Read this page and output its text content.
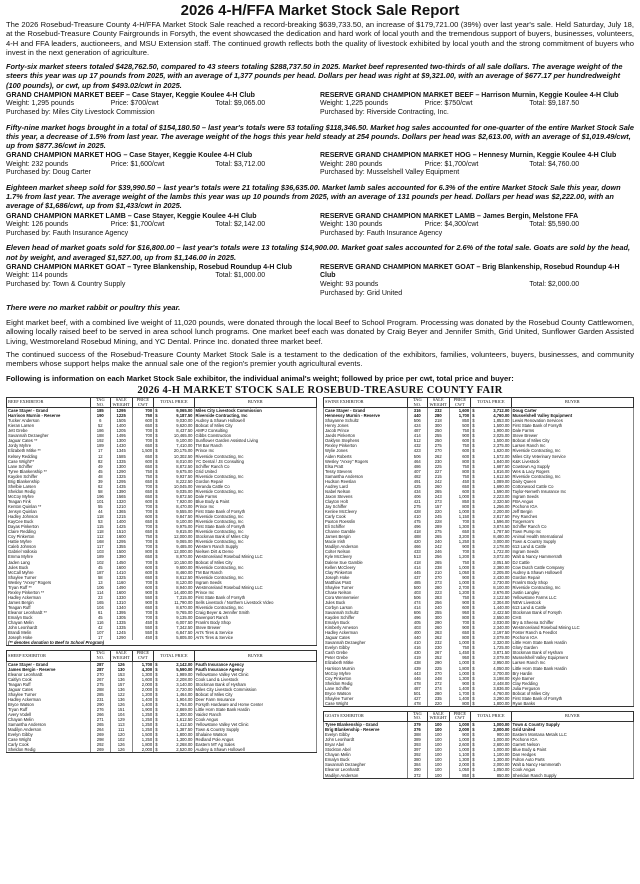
2026 4-H/FFA Market Stock Sale Report

The 2026 Rosebud-Treasure County 4-H/FFA Market Stock Sale reached a record-breaking $639,733.50, an increase of $179,721.00 (39%) over last year's sale. Held Saturday, July 18, at the Rosebud-Treasure County Fairgrounds in Forsyth, the event showcased the dedication and hard work of local youth and the tremendous support of buyers, businesses, volunteers, 4-H and FFA leaders, auctioneers, and MSU Extension staff. The continued growth reflects both the quality of livestock exhibited by local youth and the strong commitment of buyers who invest in the next generation of agriculture.

Forty-six market steers totaled $428,762.50, compared to 43 steers totaling $288,737.50 in 2025. Market beef represented two-thirds of all sale dollars. The average weight of the steers this year was up 17 pounds from 2025, with an average of 1,377 pounds per head. Dollars per head was right at $9,321.00, with an average of $677.17 per hundredweight (100 pounds), or cwt, up from $493.02/cwt in 2025.

GRAND CHAMPION MARKET BEEF – Case Stayer, Keggie Koulee 4-H Club
Weight: 1,295 pounds	Price: $700/cwt	Total: $9,065.00
Purchased by: Miles City Livestock Commission
RESERVE GRAND CHAMPION MARKET BEEF – Harrison Murnin, Keggie Koulee 4-H Club
Weight: 1,225 pounds	Price: $750/cwt	Total: $9,187.50
Purchased by: Riverside Contracting, Inc.

Fifty-nine market hogs brought in a total of $154,180.50 – last year's totals were 53 totaling $118,346.50. Market hog sales accounted for one-quarter of the entire Market Stock Sale this year, a decrease of 1.5% from last year. The average weight of the hogs this year held steady at 254 pounds. Dollars per head was $2,613.00, with an average of $1,019.49/cwt, up from $877.36/cwt in 2025.

GRAND CHAMPION MARKET HOG – Case Stayer, Keggie Koulee 4-H Club
Weight: 232 pounds	Price: $1,600/cwt	Total: $3,712.00
Purchased by: Doug Carter
RESERVE GRAND CHAMPION MARKET HOG – Hennesy Murnin, Keggie Koulee 4-H Club
Weight: 280 pounds	Price: $1,700/cwt	Total: $4,760.00
Purchased by: Musselshell Valley Equipment

Eighteen market sheep sold for $39,990.50 – last year's totals were 21 totaling $36,635.00. Market lamb sales accounted for 6.3% of the entire Market Stock Sale this year, down 1.7% from last year. The average weight of the lambs this year was up 10 pounds from 2025, with an average of 131 pounds per head. Dollars per head was $2,222.00, with an average of $1,686/cwt, up from $1,433/cwt in 2025.

GRAND CHAMPION MARKET LAMB – Case Stayer, Keggie Koulee 4-H Club
Weight: 126 pounds	Price: $1,700/cwt	Total: $2,142.00
Purchased by: Fauth Insurance Agency
RESERVE GRAND CHAMPION MARKET LAMB – James Bergin, Melstone FFA
Weight: 130 pounds	Price: $4,300/cwt	Total: $5,590.00
Purchased by: Fauth Insurance Agency

Eleven head of market goats sold for $16,800.00 – last year's totals were 13 totaling $14,900.00. Market goat sales accounted for 2.6% of the total sale. Goats are sold by the head, not by weight, and averaged $1,527.00, up from $1,146.00 in 2025.

GRAND CHAMPION MARKET GOAT – Tyree Blankenship, Rosebud Roundup 4-H Club
Weight: 114 pounds	Total: $1,000.00
Purchased by: Town & Country Supply
RESERVE GRAND CHAMPION MARKET GOAT – Brig Blankenship, Rosebud Roundup 4-H Club
Weight: 93 pounds	Total: $2,000.00
Purchased by: Grid United

There were no market rabbit or poultry this year.

Eight market beef, with a combined live weight of 11,020 pounds, were donated through the local Beef to School Program. Processing was donated by the Rosebud County Cattlewomen, allowing locally raised beef to be served in area school lunch programs. One market beef each was donated by Craig Beyer and Jennifer Smith, Grid United, Sunflower Garden Assisted Living, Westmoreland Rosebud Mining, and YC Dental. Prince Inc. donated three market beef.

The continued success of the Rosebud-Treasure County Market Stock Sale is a testament to the dedication of the exhibitors, families, volunteers, buyers, businesses, and community members whose support helps make the annual sale one of the region's premier youth agricultural events.

Following is information on each Market Stock Sale exhibitor, the individual animal's weight; followed by price per cwt, total price and buyer:

2026 4-H MARKET STOCK SALE ROSEBUD-TREASURE COUNTY FAIR
BEEF EXHIBITOR	TAG NO.	SALE WEIGHT	PRICE CWT	TOTAL PRICE	BUYER
Case Stayer - Grand	185	1295	700	$ 9,065.00	Miles City Livestock Commission
Harrison Murnin - Reserve	190	1225	750	$ 9,187.50	Riverside Contracting, Inc
Tucker Anderson	6	1505	600	$ 9,030.00	Audrey & Shawn Hollowell
Kieran Larsen	52	1400	650	$ 9,620.00	Bobcat of Miles City
Jett Grebe	186	1205	700	$ 8,437.50	AMPJ Consulting
Savannah Dezaegher	188	1495	700	$ 10,465.00	Gibbs Construction
Jaguar Cates **	192	1300	700	$ 9,100.00	Sunflower Garden Assisted Living
Jordy Myhre	189	1430	650	$ 7,410.00	TM Bar Ranch
Elizabeth Mitke **	17	1345	1,500	$ 20,175.00	Prince Inc
Kelsey Redding	12	1585	650	$ 10,302.50	Riverside Contracting, Inc
Case Wright**	82	1335	600	$ 8,010.00	YC Dental / JS Consulting
Lane Schiffer	49	1300	650	$ 8,872.50	Schiffer Ranch Co
Tyree Blankenship **	45	1290	750	$ 9,675.00	Grid United
Kayden Schiffer	48	1325	750	$ 9,937.50	Riverside Contracting, Inc
Brig Blankenship	39	1295	650	$ 8,222.50	Gordon Repair
Shelbie Larsen	62	1435	700	$ 10,045.00	Veranda Cattle Co
Sheldon Redig	58	1390	650	$ 9,035.00	Riverside Contracting, Inc
McCoy Myhre	196	1565	650	$ 9,872.50	Dale Farms
Teagan Fink	101	1320	600	$ 7,920.00	Blue Body & Paint
Kenton Quinlan **	55	1210	700	$ 8,470.00	Prince Inc
Jensyn Quinlan	44	1365	700	$ 9,555.00	First State Bank of Forsyth
Hadley Johnson	118	1215	600	$ 9,847.50	Riverside Contracting, Inc
KayCee Buck	53	1400	650	$ 9,100.00	Riverside Contracting, Inc
Dayas Pinkerton	115	1425	700	$ 9,975.00	First State Bank of Forsyth
Claire Redding	118	1510	650	$ 9,815.00	Riverside Contracting, Inc
Coy Pinkerton	112	1600	750	$ 12,000.00	Stockman Bank of Miles City
Hattie Myhre	168	1295	700	$ 9,065.00	Riverside Contracting, Inc
Caleb Johnson	117	1355	700	$ 9,485.00	Western Ranch Supply
Gabriel Vallosio	103	1500	800	$ 12,000.00	Nielsen Dirt & Demo
Emma Myhre	189	1390	650	$ 8,970.00	Westmoreland Rosebud Mining LLC
Jaden Lang	102	1450	700	$ 10,150.00	Bobcat of Miles City
Jules Buck	45	1600	600	$ 9,600.00	Riverside Contracting, Inc
McCall Myhre	187	1410	600	$ 8,460.00	TM Bar Ranch
Shaylee Turner	58	1325	650	$ 8,612.50	Riverside Contracting, Inc
Wesley "Arxey" Rogers	13	1160	700	$ 8,120.00	Ingram Seeds
Tryan Ruff **	106	1490	600	$ 8,940.00	Westmoreland Rosebud Mining LLC
Rexley Pinkerton **	114	1600	900	$ 14,400.00	Prince Inc
Hadley Ackerman	23	1330	550	$ 7,315.00	First State Bank of Forsyth
James Bergin	165	1310	900	$ 11,790.00	Sells Livestock / Northern Livestock Video
Teagan Ruff	104	1340	650	$ 8,670.00	Riverside Contracting, Inc
Eleanor Leonhardt **	61	1395	700	$ 9,765.00	Craig Beyer & Jennifer Smith
Emalyn Buck	45	1305	700	$ 9,135.00	Davenport Ranch
Chayan Melin	116	1335	450	$ 6,007.50	Frank's Body Shop
John Leonhardt	42	1335	550	$ 7,342.50	Steve Brewer
Brandi Melin	107	1245	550	$ 6,847.50	Art's Tires & Service
Joseph Hoke	17	1290	450	$ 5,805.00	Art's Tires & Service
(** denotes donation to Beef to School Program)					
SHEEP EXHIBITOR	TAG NO.	SALE WEIGHT	PRICE CWT	TOTAL PRICE	BUYER
Case Stayer - Grand	287	126	1,700	$ 2,142.00	Fauth Insurance Agency
James Bergin - Reserve	287	130	4,300	$ 5,590.00	Fauth Insurance Agency
Eleanor Leonhardt	270	153	1,300	$ 1,989.00	Yellowstone Valley Vet Clinic
Caitlyn Cook	267	136	1,600	$ 2,208.00	Cook Land & Livestock
Teagan Ruff	275	157	2,000	$ 3,140.00	Stockman Bank of Hysham
Jaguar Cates	288	136	2,000	$ 2,720.00	Miles City Livestock Commission
Shaylee Turner	285	122	1,200	$ 1,464.00	Bobcat of Miles City
Hadley Ackerman	231	136	1,400	$ 1,904.00	Deer Farm Insurance
Bryce Watson	290	126	1,400	$ 1,764.00	Forsyth Hardware and Home Center
Tryan Ruff	276	151	1,900	$ 2,869.00	Little Horn State Bank Hardin
Avery Vodell	266	104	1,250	$ 1,300.00	Vaidez Ranch
Chayan Melin	271	129	1,250	$ 1,612.50	Cook Angus
Samantha Anderson	265	113	1,250	$ 1,412.50	Yellowstone Valley Vet Clinic
Madilyn Anderson	264	111	1,250	$ 1,387.50	Town & Country Supply
Evelyn Gibby	269	120	1,500	$ 1,800.00	Shalaine Watson
Case Wright	298	102	1,250	$ 1,300.00	Redland Pole Angus
Carly Cook	292	126	1,800	$ 2,268.00	Eastern MT Ag Sales
Sheldon Redig	269	126	2,000	$ 2,520.00	Audrey & Shawn Hollowell
SWINE EXHIBITOR	TAG NO.	SALE WEIGHT	PRICE CWT	TOTAL PRICE	BUYER
Case Stayer - Grand	316	232	1,600	$ 3,712.00	Doug Carter
Hennessy Murnin - Reserve	440	280	1,700	$ 4,760.00	Musselshell Valley Equipment
Shayanne Schultz	506	218	850	$ 1,853.00	Lewis Renovation Services
Henry Jones	424	300	500	$ 1,500.00	First State Bank of Forsyth
Jacob Prince	487	250	750	$ 1,900.00	Dale Farms
Jaeds Pinkerton	414	255	900	$ 2,025.00	Steve Brewer
Oaklynn Stephens	512	250	600	$ 1,500.00	Bobcat of Miles City
Rexley Pinkerton	432	275	750	$ 2,375.00	Larsen Ranch Inc
Wylie Jones	423	270	600	$ 1,620.00	Riverside Contracting, Inc
Aiden Roberts	506	262	600	$ 1,572.00	Miles City Veterinary Service
Wesley "Arxey" Rogers	464	230	800	$ 1,840.00	K&K Livestock
Elsa Pratt	486	225	750	$ 1,687.50	Cowtown Ag Supply
Tessy Stevens	407	227	800	$ 1,816.00	Wes & Lacy Rogers
Samantha Anderson	482	215	750	$ 1,612.50	Riverside Contracting, Inc
Hudson Reeslan	491	242	450	$ 1,089.00	Dairy Queen
Audrey Lard	425	260	650	$ 1,690.00	Cottonwood Cattle Co
Isabel Nelson	434	265	600	$ 1,590.00	Taylor-Nemeth Insurance Inc
Jaxon Stevens	406	243	1,000	$ 2,223.00	Ingram Seeds
Clayton Holt	421	273	850	$ 2,320.50	FBA Angus
Jay Schiffer	275	157	800	$ 1,256.00	Pochonn IGA
Kenlee McCleery	428	220	1,000	$ 2,200.00	Jeff Bergin
Carly Cook	410	245	1,150	$ 2,817.50	Fey Ranches
Paxton Roesslin	475	228	700	$ 1,596.00	Torgerson's
Eli Schiffer	496	289	1,300	$ 3,874.50	Schiffer Ranch Co
Channe Gamble	418	275	650	$ 1,787.50	Town Pump Inc
James Bergin	488	265	3,200	$ 8,480.00	Animal Health International
Macie Irish	420	240	1,250	$ 3,000.00	Town & Country Supply
Madilyn Anderson	466	242	900	$ 2,178.00	613 Land & Cattle
Colter Nelson	433	246	700	$ 1,722.00	Ingram Seeds
Kyle McCleery	513	256	1,200	$ 3,072.00	Walt & Nancy Hammerrath
Dalene Sue Gamble	418	265	750	$ 2,051.50	DJ Cattle
Kellen McCleery	414	238	1,000	$ 2,380.00	Cow Dutch Cattle Company
Clay Pinkerton	445	210	1,050	$ 2,205.00	Audrey & Shawn Hollowell
Joseph Hoke	437	270	900	$ 2,430.00	Gordon Repair
Matthias Pratt	485	273	1,000	$ 2,730.00	Frank's Body Shop
Shaylee Turner	500	280	2,700	$ 8,100.00	Riverside Contracting, Inc
Chase Nelson	403	223	1,200	$ 2,676.00	Justin Langley
Cora Wennemeier	506	283	750	$ 2,122.50	Yellowstone Farms LLC
Jules Buck	474	256	900	$ 2,304.00	NEW Livestock
Corbyn Larson	414	240	600	$ 1,440.00	613 Land & Cattle
Savannah Schultz	606	255	950	$ 2,422.50	Stockman Bank of Forsyth
Kayden Schiffer	496	300	800	$ 2,550.00	CHS
Emalyn Buck	405	290	700	$ 2,030.00	Bry & Sheena Schiffer
Kimberly Arneson	403	260	900	$ 2,340.00	Westmoreland Rosebud Mining LLC
Hadley Ackerman	400	263	650	$ 2,197.50	Foster Ranch & Feedlot
Jaguar Cates	440	262	800	$ 2,079.00	Pochonn IGA
Savannah Dezaegher	410	232	1,000	$ 2,320.00	Little Horn State Bank Hardin
Evelyn Gibby	416	230	750	$ 1,725.00	Glory Garden
Cash Grebe	430	267	1,450	$ 3,871.50	Stockman Bank of Hysham
Peter Grebe	419	252	950	$ 2,079.00	Musselshell Valley Equipment
Elizabeth Mitke	438	290	1,000	$ 2,950.00	Larsen Ranch Inc
Harrison Murnin	439	225	1,800	$ 4,050.00	Little Horn State Bank Hardin
McCoy Myhre	443	270	1,000	$ 2,700.00	Bry Hardin
Coy Pinkerton	446	248	1,300	$ 3,198.00	Kyle Barner
Sheldon Redig	478	272	900	$ 2,448.00	Clay Redding
Lane Schiffer	487	274	1,400	$ 3,836.00	Julia Ferguson
Bryce Watson	501	280	1,700	$ 4,760.00	Bobcat of Miles City
Shaylee Turner	427	235	1,400	$ 3,290.00	First State Bank of Forsyth
Case Wright	478	220	800	$ 1,800.00	Ryan Banks
GOATS EXHIBITOR	TAG NO.	SALE WEIGHT	PRICE CWT	TOTAL PRICE	BUYER
Tyree Blankenship - Grand	379	100	1,000	$ 1,000.00	Town & Country Supply
Brig Blankenship - Reserve	376	100	2,000	$ 2,000.00	Grid United
Evelyn Gibby	388	100	900	$ 900.00	Eastern Montana Metals LLC
John Leonhardt	389	100	1,000	$ 1,000.00	Pochonn IGA
Bryar Abel	393	100	2,600	$ 2,600.00	Garrett Nelson
Stockton Abel	397	100	1,000	$ 1,000.00	Blue Body & Paint
Chayan Melin	392	100	1,100	$ 1,100.00	Dan Hedges
Emalyn Buck	380	100	1,300	$ 1,300.00	Fulton Auto Parts
Savannah Dezaegher	384	100	2,000	$ 2,000.00	Walt & Nancy Hammerath
Eleanor Leonhardt	390	100	1,050	$ 1,050.00	Cook Angus
Madilyn Anderson	372	100	850	$ 850.00	Sheridan Ranch Supply
